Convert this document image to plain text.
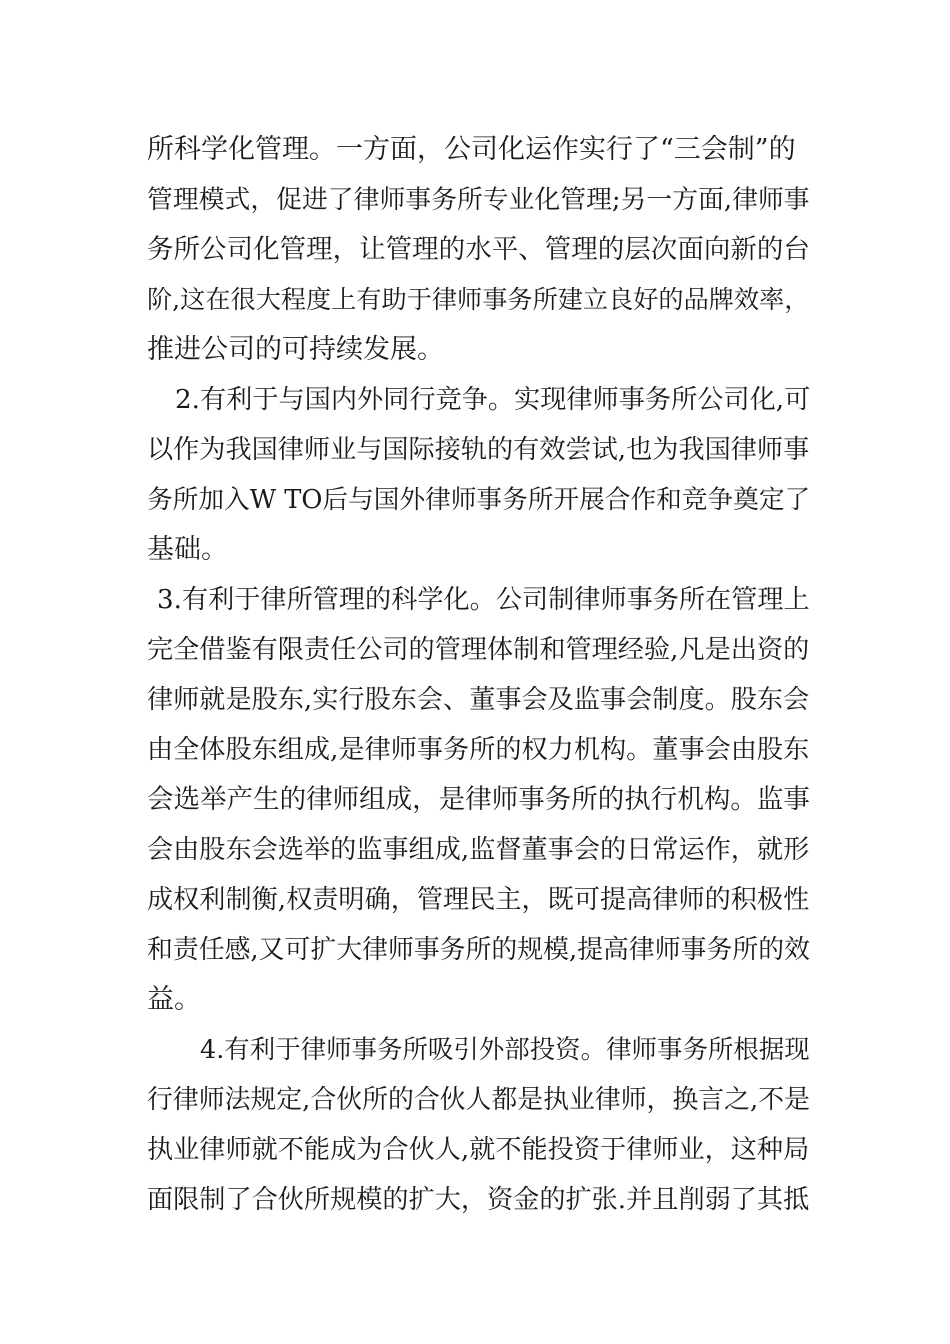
所科学化管理。一方面，公司化运作实行了“三会制”的
管理模式，促进了律师事务所专业化管理;另一方面,律师事
务所公司化管理，让管理的水平、管理的层次面向新的台
阶,这在很大程度上有助于律师事务所建立良好的品牌效率，
推进公司的可持续发展。
2.有利于与国内外同行竞争。实现律师事务所公司化,可
以作为我国律师业与国际接轨的有效尝试,也为我国律师事
务所加入W TO后与国外律师事务所开展合作和竞争奠定了
基础。
3.有利于律所管理的科学化。公司制律师事务所在管理上
完全借鉴有限责任公司的管理体制和管理经验,凡是出资的
律师就是股东,实行股东会、董事会及监事会制度。股东会
由全体股东组成,是律师事务所的权力机构。董事会由股东
会选举产生的律师组成，是律师事务所的执行机构。监事
会由股东会选举的监事组成,监督董事会的日常运作，就形
成权利制衡,权责明确，管理民主，既可提高律师的积极性
和责任感,又可扩大律师事务所的规模,提高律师事务所的效
益。
4.有利于律师事务所吸引外部投资。律师事务所根据现
行律师法规定,合伙所的合伙人都是执业律师，换言之,不是
执业律师就不能成为合伙人,就不能投资于律师业，这种局
面限制了合伙所规模的扩大，资金的扩张.并且削弱了其抵
